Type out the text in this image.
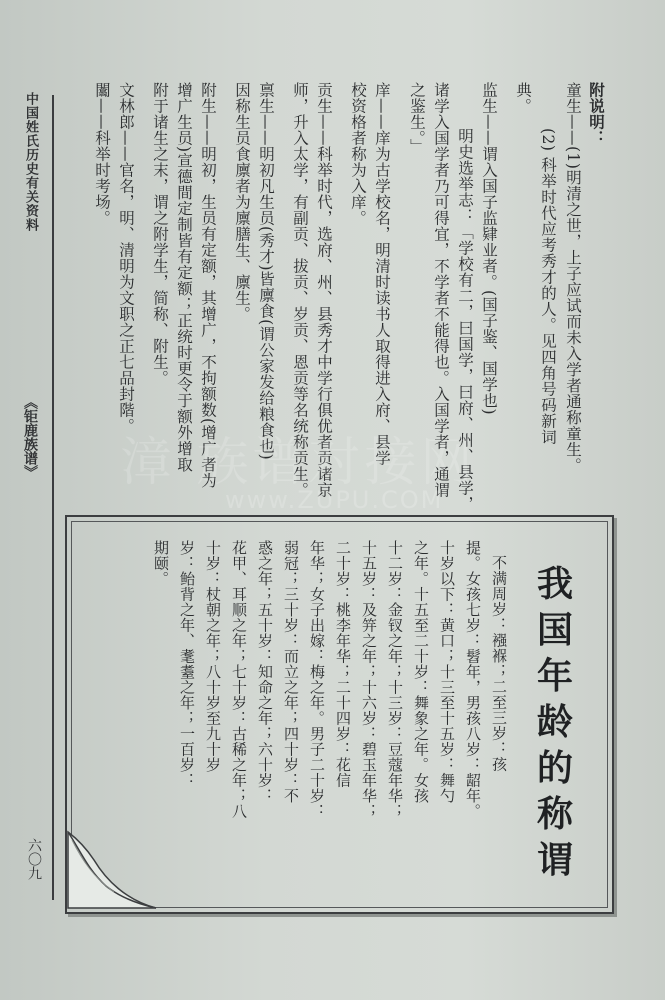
中国姓氏历史有关资料
《钜鹿族谱》
六〇九
附说明：
童生——(1)明清之世，上子应试而未入学者通称童生。
(2) 科举时代应考秀才的人。见四角号码新词
典。
监生——谓入国子监肄业者。(国子鉴、国学也)
明史选举志：「学校有二，曰国学，曰府、州、县学，
诸学入国学者乃可得宜，不学者不能得也。入国学者，通谓
之鉴生。」
庠——庠为古学校名，明清时读书人取得进入府、县学
校资格者称为入庠。
贡生——科举时代，选府、州、县秀才中学行俱优者贡诸京
师，升入太学，有副贡、拔贡、岁贡、恩贡等名统称贡生。
禀生——明初凡生员(秀才)皆廪食(谓公家发给粮食也)
因称生员食廪者为廪膳生、廪生。
附生——明初，生员有定额，其增广，不拘额数(增广者为
增广生员)宣德間定制皆有定额；正统时更令于额外增取
附于诸生之末，谓之附学生，简称、附生。
文林郎——官名，明、清明为文职之正七品封階。
闟——科举时考场。
漳 族谱对接网
www.ZUPU.COM
我
国
年
龄
的
称
谓
不满周岁：襁褓；二至三岁：孩
提。女孩七岁：髫年，男孩八岁：龆年。
十岁以下：黄口；十三至十五岁：舞勺
之年。十五至二十岁：舞象之年。女孩
十二岁：金钗之年；十三岁：豆蔻年华；
十五岁：及笄之年；十六岁：碧玉年华；
二十岁：桃李年华；二十四岁：花信
年华；女子出嫁：梅之年。男子二十岁：
弱冠；三十岁：而立之年；四十岁：不
惑之年；五十岁：知命之年；六十岁：
花甲、耳顺之年；七十岁：古稀之年；八
十岁：杖朝之年；八十岁至九十岁
岁：鲐背之年、耄耋之年；一百岁：
期颐。
